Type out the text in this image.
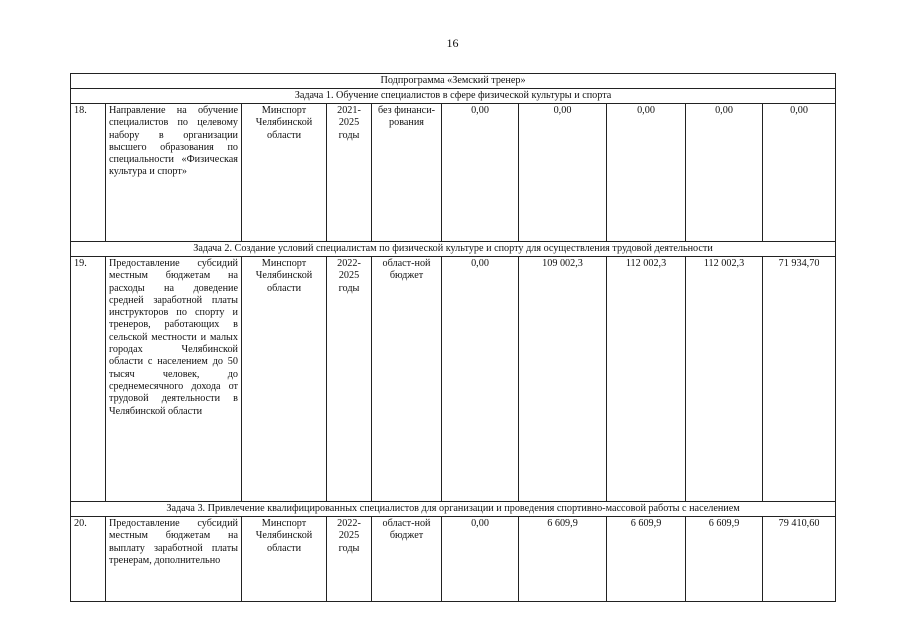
16
Подпрограмма «Земский тренер»									
Задача 1. Обучение специалистов в сфере физической культуры и спорта									
18.	Направление на обучение специалистов по целевому набору в организации высшего образования по специальности «Физическая культура и спорт»	Минспорт Челябинской области	2021-2025 годы	без финанси-рования	0,00	0,00	0,00	0,00	0,00
Задача 2. Создание условий специалистам по физической культуре и спорту для осуществления трудовой деятельности									
19.	Предоставление субсидий местным бюджетам на расходы на доведение средней заработной платы инструкторов по спорту и тренеров, работающих в сельской местности и малых городах Челябинской области с населением до 50 тысяч человек, до среднемесячного дохода от трудовой деятельности в Челябинской области	Минспорт Челябинской области	2022-2025 годы	област-ной бюджет	0,00	109 002,3	112 002,3	112 002,3	71 934,70
Задача 3. Привлечение квалифицированных специалистов для организации и проведения спортивно-массовой работы с населением									
20.	Предоставление субсидий местным бюджетам на выплату заработной платы тренерам, дополнительно	Минспорт Челябинской области	2022-2025 годы	област-ной бюджет	0,00	6 609,9	6 609,9	6 609,9	79 410,60
